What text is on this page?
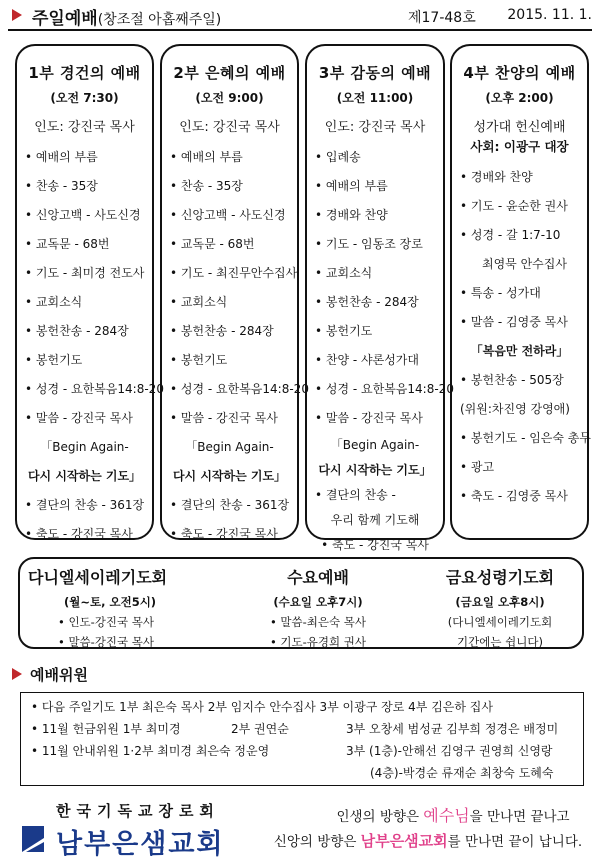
주일예배(창조절 아홉째주일)	제17-48호 2015. 11. 1.
1부 경건의 예배
(오전 7:30)
인도: 강진국 목사
• 예배의 부름
• 찬송 - 35장
• 신앙고백 - 사도신경
• 교독문 - 68번
• 기도 - 최미경 전도사
• 교회소식
• 봉헌찬송 - 284장
• 봉헌기도
• 성경 - 요한복음14:8-20
• 말씀 - 강진국 목사
「Begin Again-
다시 시작하는 기도」
• 결단의 찬송 - 361장
• 축도 - 강진국 목사
2부 은혜의 예배
(오전 9:00)
인도: 강진국 목사
• 예배의 부름
• 찬송 - 35장
• 신앙고백 - 사도신경
• 교독문 - 68번
• 기도 - 최진무안수집사
• 교회소식
• 봉헌찬송 - 284장
• 봉헌기도
• 성경 - 요한복음14:8-20
• 말씀 - 강진국 목사
「Begin Again-
다시 시작하는 기도」
• 결단의 찬송 - 361장
• 축도 - 강진국 목사
3부 감동의 예배
(오전 11:00)
인도: 강진국 목사
• 입례송
• 예배의 부름
• 경배와 찬양
• 기도 - 임동조 장로
• 교회소식
• 봉헌찬송 - 284장
• 봉헌기도
• 찬양 - 샤론성가대
• 성경 - 요한복음14:8-20
• 말씀 - 강진국 목사
「Begin Again-
다시 시작하는 기도」
• 결단의 찬송 -
우리 함께 기도해
• 축도 - 강진국 목사
4부 찬양의 예배
(오후 2:00)
성가대 헌신예배
사회: 이광구 대장
• 경배와 찬양
• 기도 - 윤순한 권사
• 성경 - 갈 1:7-10
최영묵 안수집사
• 특송 - 성가대
• 말씀 - 김영중 목사
「복음만 전하라」
• 봉헌찬송 - 505장
(위원:차진영 강영애)
• 봉헌기도 - 임은숙 총무
• 광고
• 축도 - 김영중 목사
다니엘세이레기도회
(월~토, 오전5시)
• 인도-강진국 목사
• 말씀-강진국 목사
수요예배
(수요일 오후7시)
• 말씀-최은숙 목사
• 기도-유경희 권사
금요성령기도회
(금요일 오후8시)
(다니엘세이레기도회
기간에는 쉽니다)
예배위원
• 다음 주일기도 1부 최은숙 목사 2부 임지수 안수집사 3부 이광구 장로 4부 김은하 집사
• 11월 헌금위원 1부 최미경	2부 권연순	3부 오창세 범성균 김부희 정경은 배정미
• 11월 안내위원 1·2부 최미경 최은숙 정운영	3부 (1층)-안해선 김영구 권영희 신영랑
(4층)-박경순 류재순 최창숙 도혜숙
한국기독교장로회
남부은샘교회
인생의 방향은 예수님을 만나면 끝나고
신앙의 방향은 남부은샘교회를 만나면 끝이 납니다.
